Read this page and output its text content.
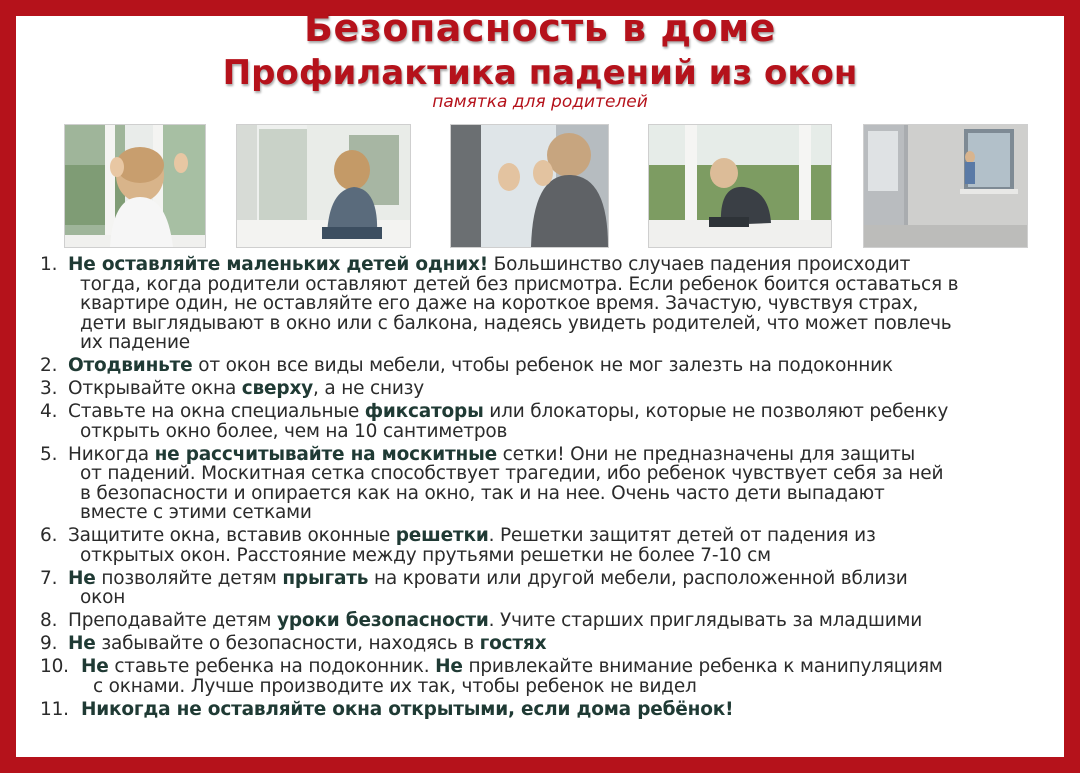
Безопасность в доме
Профилактика падений из окон
памятка для родителей
1. Не оставляйте маленьких детей одних! Большинство случаев падения происходит
тогда, когда родители оставляют детей без присмотра. Если ребенок боится оставаться в
квартире один, не оставляйте его даже на короткое время. Зачастую, чувствуя страх,
дети выглядывают в окно или с балкона, надеясь увидеть родителей, что может повлечь
их падение
2. Отодвиньте от окон все виды мебели, чтобы ребенок не мог залезть на подоконник
3. Открывайте окна сверху, а не снизу
4. Ставьте на окна специальные фиксаторы или блокаторы, которые не позволяют ребенку
открыть окно более, чем на 10 сантиметров
5. Никогда не рассчитывайте на москитные сетки! Они не предназначены для защиты
от падений. Москитная сетка способствует трагедии, ибо ребенок чувствует себя за ней
в безопасности и опирается как на окно, так и на нее. Очень часто дети выпадают
вместе с этими сетками
6. Защитите окна, вставив оконные решетки. Решетки защитят детей от падения из
открытых окон. Расстояние между прутьями решетки не более 7-10 см
7. Не позволяйте детям прыгать на кровати или другой мебели, расположенной вблизи
окон
8. Преподавайте детям уроки безопасности. Учите старших приглядывать за младшими
9. Не забывайте о безопасности, находясь в гостях
10. Не ставьте ребенка на подоконник. Не привлекайте внимание ребенка к манипуляциям
с окнами. Лучше производите их так, чтобы ребенок не видел
11. Никогда не оставляйте окна открытыми, если дома ребёнок!
